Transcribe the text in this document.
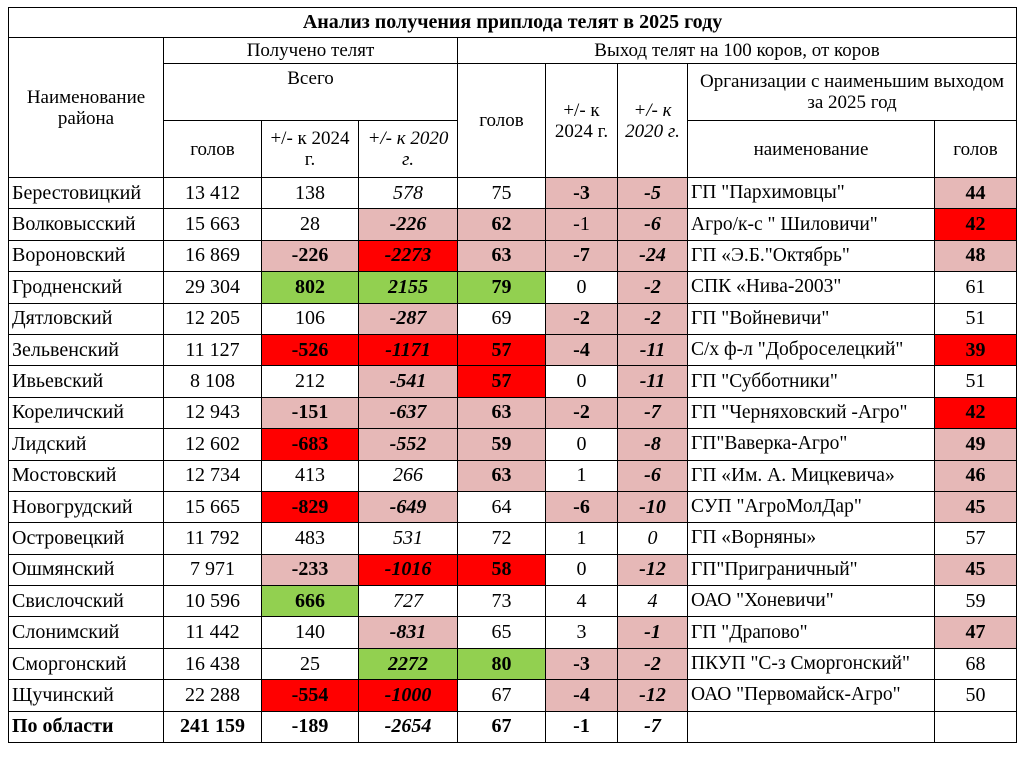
Анализ получения приплода телят в 2025 году								
Наименование района	Получено телят			Выход телят на 100 коров, от коров				
	Всего			голов	+/- к 2024 г.	+/- к 2020 г.	Организации с наименьшим выходом за 2025 год	
	голов	+/- к 2024 г.	+/- к 2020 г.				наименование	голов
Берестовицкий	13 412	138	578	75	-3	-5	ГП "Пархимовцы"	44
Волковысский	15 663	28	-226	62	-1	-6	Агро/к-с " Шиловичи"	42
Вороновский	16 869	-226	-2273	63	-7	-24	ГП «Э.Б."Октябрь"	48
Гродненский	29 304	802	2155	79	0	-2	СПК «Нива-2003"	61
Дятловский	12 205	106	-287	69	-2	-2	ГП "Войневичи"	51
Зельвенский	11 127	-526	-1171	57	-4	-11	С/х ф-л "Доброселецкий"	39
Ивьевский	8 108	212	-541	57	0	-11	ГП "Субботники"	51
Кореличский	12 943	-151	-637	63	-2	-7	ГП "Черняховский -Агро"	42
Лидский	12 602	-683	-552	59	0	-8	ГП"Ваверка-Агро"	49
Мостовский	12 734	413	266	63	1	-6	ГП «Им. А. Мицкевича»	46
Новогрудский	15 665	-829	-649	64	-6	-10	СУП "АгроМолДар"	45
Островецкий	11 792	483	531	72	1	0	ГП «Ворняны»	57
Ошмянский	7 971	-233	-1016	58	0	-12	ГП"Приграничный"	45
Свислочский	10 596	666	727	73	4	4	ОАО "Хоневичи"	59
Слонимский	11 442	140	-831	65	3	-1	ГП "Драпово"	47
Сморгонский	16 438	25	2272	80	-3	-2	ПКУП "С-з Сморгонский"	68
Щучинский	22 288	-554	-1000	67	-4	-12	ОАО "Первомайск-Агро"	50
По области	241 159	-189	-2654	67	-1	-7		
